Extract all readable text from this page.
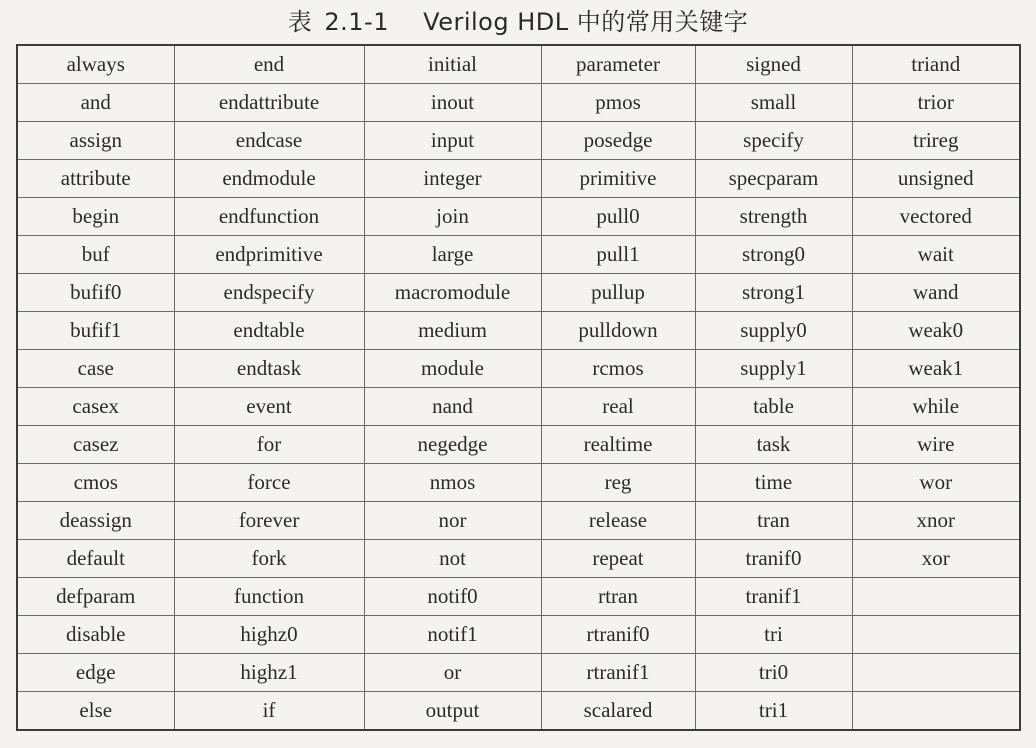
表 2.1-1 Verilog HDL 中的常用关键字
always	end	initial	parameter	signed	triand
and	endattribute	inout	pmos	small	trior
assign	endcase	input	posedge	specify	trireg
attribute	endmodule	integer	primitive	specparam	unsigned
begin	endfunction	join	pull0	strength	vectored
buf	endprimitive	large	pull1	strong0	wait
bufif0	endspecify	macromodule	pullup	strong1	wand
bufif1	endtable	medium	pulldown	supply0	weak0
case	endtask	module	rcmos	supply1	weak1
casex	event	nand	real	table	while
casez	for	negedge	realtime	task	wire
cmos	force	nmos	reg	time	wor
deassign	forever	nor	release	tran	xnor
default	fork	not	repeat	tranif0	xor
defparam	function	notif0	rtran	tranif1	
disable	highz0	notif1	rtranif0	tri	
edge	highz1	or	rtranif1	tri0	
else	if	output	scalared	tri1	
